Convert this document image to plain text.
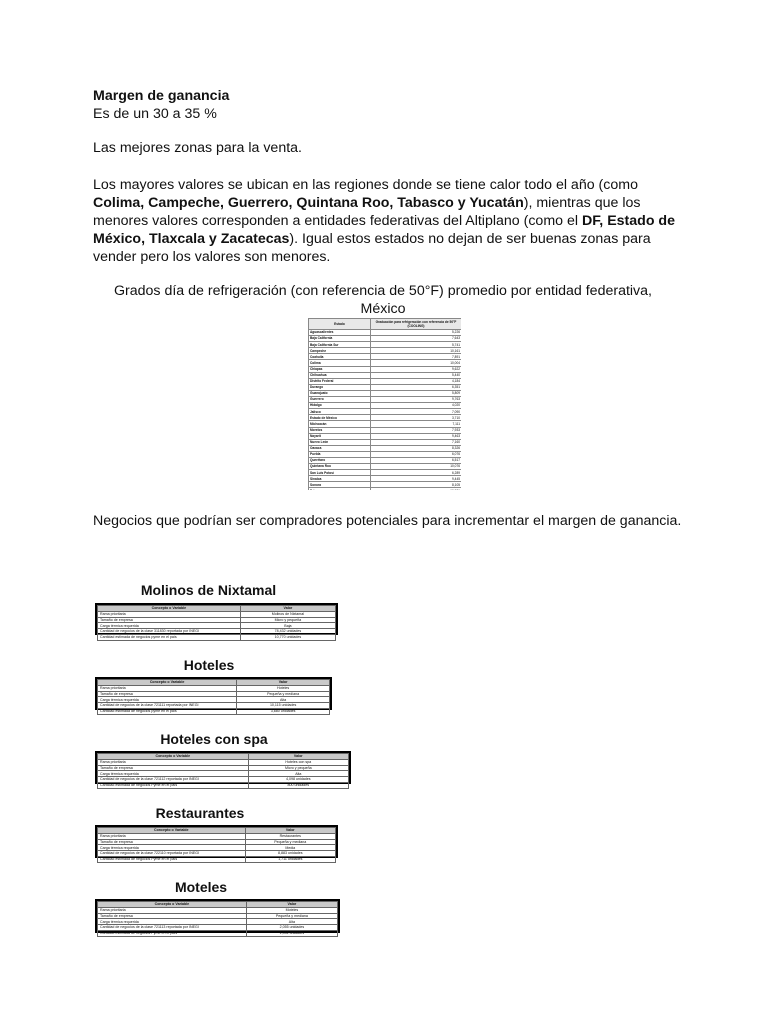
Margen de ganancia
Es de un 30 a 35 %
Las mejores zonas para la venta.
Los mayores valores se ubican en las regiones donde se tiene calor todo el año (como Colima, Campeche, Guerrero, Quintana Roo, Tabasco y Yucatán), mientras que los menores valores corresponden a entidades federativas del Altiplano (como el DF, Estado de México, Tlaxcala y Zacatecas). Igual estos estados no dejan de ser buenas zonas para vender pero los valores son menores.
Grados día de refrigeración (con referencia de 50°F) promedio por entidad federativa, México
Estado	Graduación para refrigeración con referencia de 50°F (COOLING)
Aguascalientes	5,226
Baja California	7,643
Baja California Sur	5,741
Campeche	10,161
Coahuila	7,891
Colima	10,004
Chiapas	9,622
Chihuahua	5,440
Distrito Federal	4,184
Durango	6,351
Guanajuato	5,809
Guerrero	9,763
Hidalgo	4,020
Jalisco	7,090
Estado de México	3,710
Michoacán	7,111
Morelos	7,933
Nayarit	9,463
Nuevo León	7,160
Oaxaca	8,326
Puebla	6,076
Querétaro	6,517
Quintana Roo	10,076
San Luis Potosí	6,289
Sinaloa	9,445
Sonora	8,105

Negocios que podrían ser compradores potenciales para incrementar el margen de ganancia.
Molinos de Nixtamal
Concepto o Variable	Valor
Rama prioritaria	Molinos de Nixtamal
Tamaño de empresa	Micro y pequeña
Carga térmica requerida	Baja
Cantidad de negocios de la clase 311830 reportada por INEGI	78,432 unidades
Cantidad estimada de negocios pyme en el país	10,770 unidades
Hoteles
Concepto o Variable	Valor
Rama prioritaria	Hoteles
Tamaño de empresa	Pequeña y mediana
Carga térmica requerida	Alta
Cantidad de negocios de la clase 721111 reportada por INEGI	10,115 unidades
Cantidad estimada de negocios pyme en el país	3,680 unidades
Hoteles con spa
Concepto o Variable	Valor
Rama prioritaria	Hoteles con spa
Tamaño de empresa	Micro y pequeña
Carga térmica requerida	Alta
Cantidad de negocios de la clase 721112 reportada por INEGI	4,098 unidades
Cantidad estimada de negocios Pyme en el país	800 unidades
Restaurantes
Concepto o Variable	Valor
Rama prioritaria	Restaurantes
Tamaño de empresa	Pequeña y mediana
Carga térmica requerida	Media
Cantidad de negocios de la clase 722110 reportada por INEGI	8,883 unidades
Cantidad estimada de negocios Pyme en el país	1,711 unidades
Moteles
Concepto o Variable	Valor
Rama prioritaria	Moteles
Tamaño de empresa	Pequeña y mediana
Carga térmica requerida	Alta
Cantidad de negocios de la clase 721113 reportada por INEGI	2,055 unidades
Cantidad estimada de negocios Pyme en el país	1,042 unidades
